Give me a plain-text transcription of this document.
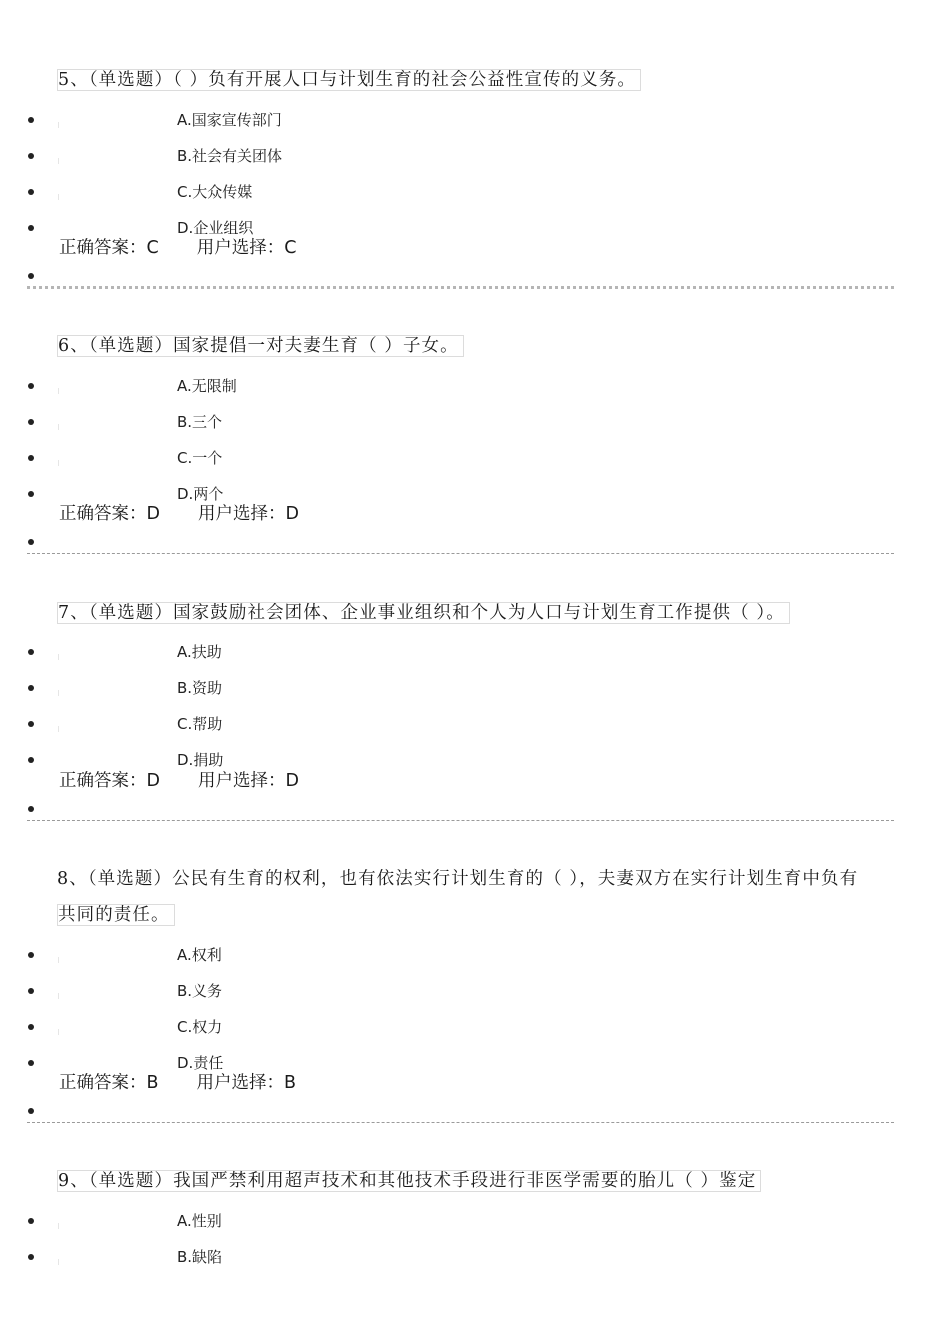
5、（单选题）（ ）负有开展人口与计划生育的社会公益性宣传的义务。
A.国家宣传部门
B.社会有关团体
C.大众传媒
D.企业组织
正确答案：C 用户选择：C
6、（单选题）国家提倡一对夫妻生育（ ）子女。
A.无限制
B.三个
C.一个
D.两个
正确答案：D 用户选择：D
7、（单选题）国家鼓励社会团体、企业事业组织和个人为人口与计划生育工作提供（ ）。
A.扶助
B.资助
C.帮助
D.捐助
正确答案：D 用户选择：D
8、（单选题）公民有生育的权利，也有依法实行计划生育的（ ），夫妻双方在实行计划生育中负有
共同的责任。
A.权利
B.义务
C.权力
D.责任
正确答案：B 用户选择：B
9、（单选题）我国严禁利用超声技术和其他技术手段进行非医学需要的胎儿（ ）鉴定
A.性别
B.缺陷
